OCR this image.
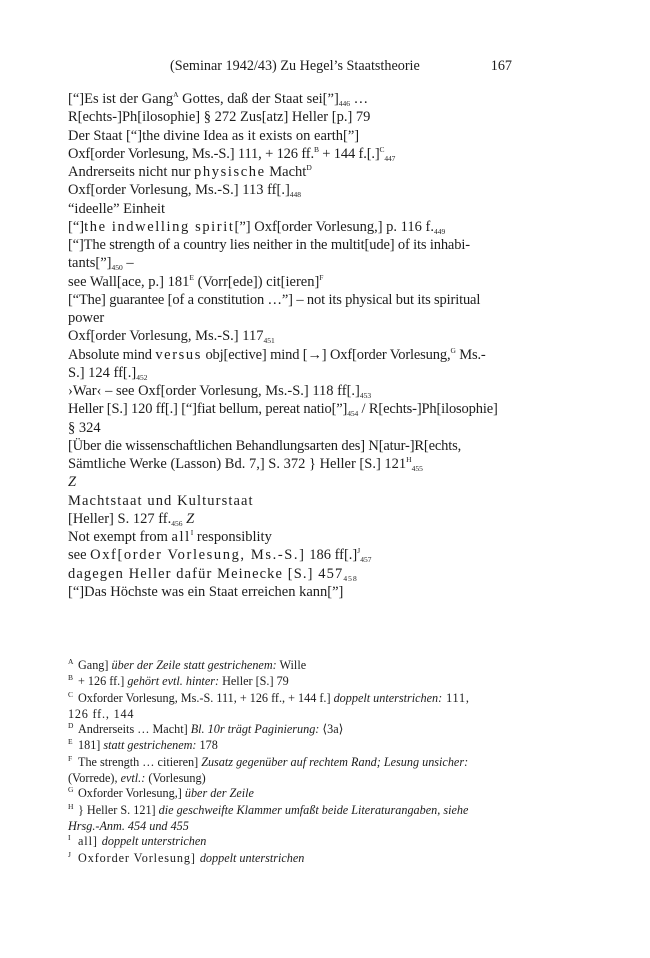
(Seminar 1942/43) Zu Hegel’s Staatstheorie	167
[“]Es ist der Gang$^A$ Gottes, daß der Staat $sei[”]_{446}$ …
R[echts-]Ph[ilosophie] § 272 Zus[atz] Heller [p.] 79
Der Staat [“]the divine Idea as it exists on earth[”]
Oxf[order Vorlesung, Ms.-S.] 111, + 126 ff.$^B$ + 144 f.[.]$^C_{447}$
Andrerseits nicht nur physische Macht$^D$
Oxf[order Vorlesung, Ms.-S.] 113 $ff[.]_{448}$
“ideelle” Einheit
[“]the indwelling spirit[”] Oxf[order Vorlesung,] p. 116 $f._{449}$
[“]The strength of a country lies neither in the multit[ude] of its inhabi-
$tants[”]_{450}$ –
see Wall[ace, p.] $181^E$ (Vorr[ede]) cit[ieren]$^F$
[“The] guarantee [of a constitution …”] – not its physical but its spiritual
power
Oxf[order Vorlesung, Ms.-S.] $117_{451}$
Absolute mind versus obj[ective] mind [→] Oxf[order Vorlesung,$^G$ Ms.-
S.] 124 $ff[.]_{452}$
›War‹ – see Oxf[order Vorlesung, Ms.-S.] 118 $ff[.]_{453}$
Heller [S.] 120 ff[.] [“]fiat bellum, pereat $natio[”]_{454}$ / R[echts-]Ph[ilosophie]
§ 324
[Über die wissenschaftlichen Behandlungsarten des] N[atur-]R[echts,
Sämtliche Werke (Lasson) Bd. 7,] S. 372 } Heller [S.] $121^H_{455}$
Z
Machtstaat und Kulturstaat
[Heller] S. 127 $ff._{456}$ Z
Not exempt from all$^I$ responsiblity
see Oxf[order Vorlesung, Ms.-S.] 186 ff[.]$^J_{457}$
dagegen Heller dafür Meinecke [S.] $457_{458}$
[“]Das Höchste was ein Staat erreichen kann[”]
A Gang] über der Zeile statt gestrichenem: Wille
B + 126 ff.] gehört evtl. hinter: Heller [S.] 79
C Oxforder Vorlesung, Ms.-S. 111, + 126 ff., + 144 f.] doppelt unterstrichen: 111,
126 ff., 144
D Andrerseits … Macht] Bl. 10r trägt Paginierung: ⟨3a⟩
E 181] statt gestrichenem: 178
F The strength … citieren] Zusatz gegenüber auf rechtem Rand; Lesung unsicher:
(Vorrede), evtl.: (Vorlesung)
G Oxforder Vorlesung,] über der Zeile
H } Heller S. 121] die geschweifte Klammer umfaßt beide Literaturangaben, siehe
Hrsg.-Anm. 454 und 455
I all] doppelt unterstrichen
J Oxforder Vorlesung] doppelt unterstrichen
